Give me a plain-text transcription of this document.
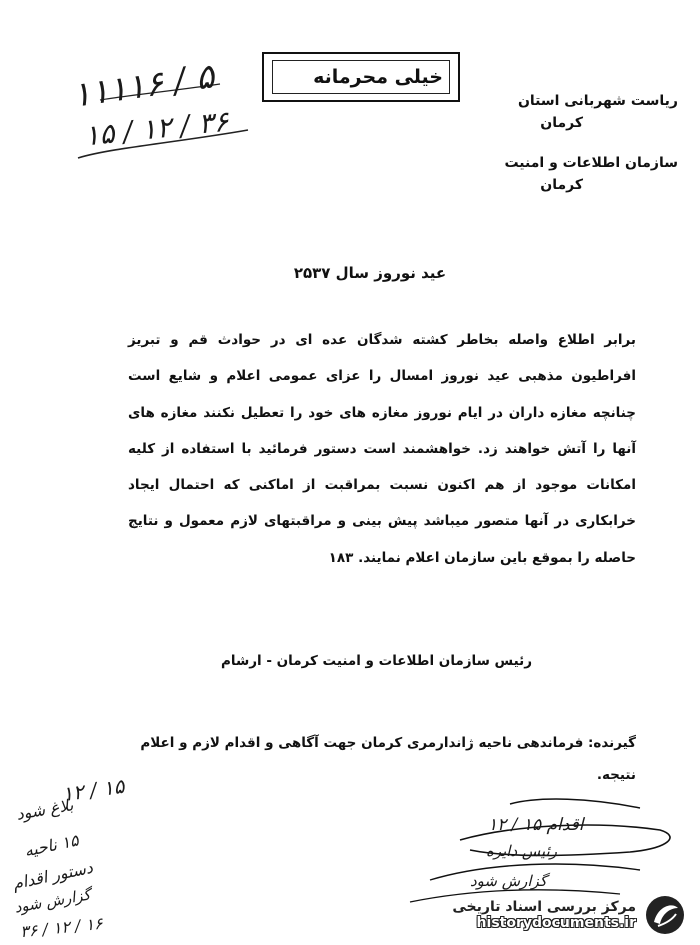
۱۱۱۱۶ / ۵
۱۵ / ۱۲ / ۳۶
خیلی محرمانه
ریاست شهربانی استان
کرمان
سازمان اطلاعات و امنیت
کرمان
عید نوروز سال ۲۵۳۷
برابر اطلاع واصله بخاطر کشته شدگان عده ای در حوادث قم و تبریز افراطیون مذهبی عید نوروز امسال را عزای عمومی اعلام و شایع است چنانچه مغازه داران در ایام نوروز مغازه های خود را تعطیل نکنند مغازه های آنها را آتش خواهند زد. خواهشمند است دستور فرمائید با استفاده از کلیه امکانات موجود از هم اکنون نسبت بمراقبت از اماکنی که احتمال ایجاد خرابکاری در آنها متصور میباشد پیش بینی و مراقبتهای لازم معمول و نتایج حاصله را بموقع باین سازمان اعلام نمایند. ۱۸۳
رئیس سازمان اطلاعات و امنیت کرمان - ارشام
گیرنده: فرماندهی ناحیه ژاندارمری کرمان جهت آگاهی و اقدام لازم و اعلام
نتیجه.
اقدام ۱۵ / ۱۲
رئیس دایره
گزارش شود
۱۵ / ۱۲
بلاغ شود
۱۵ ناحیه
دستور اقدام
گزارش شود
۱۶ / ۱۲ / ۳۶
مرکز بررسی اسناد تاریخی
historydocuments.ir
